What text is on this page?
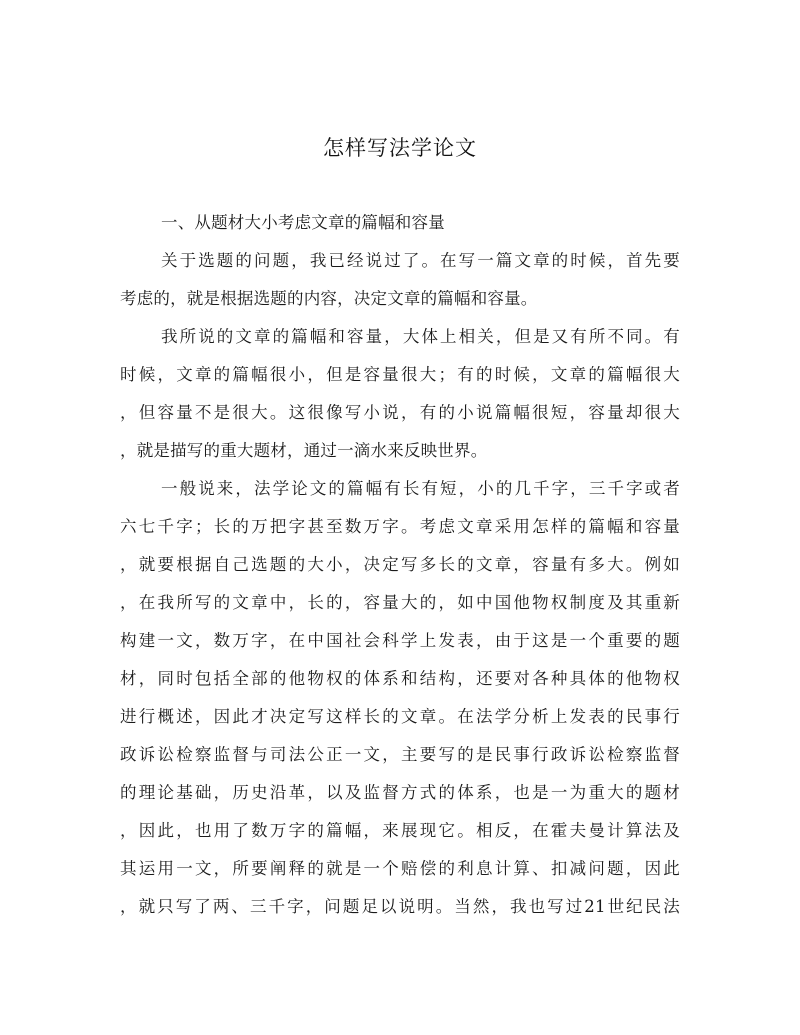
怎样写法学论文
一、从题材大小考虑文章的篇幅和容量
关于选题的问题，我已经说过了。在写一篇文章的时候，首先要
考虑的，就是根据选题的内容，决定文章的篇幅和容量。
我所说的文章的篇幅和容量，大体上相关，但是又有所不同。有
时候，文章的篇幅很小，但是容量很大；有的时候，文章的篇幅很大
，但容量不是很大。这很像写小说，有的小说篇幅很短，容量却很大
，就是描写的重大题材，通过一滴水来反映世界。
一般说来，法学论文的篇幅有长有短，小的几千字，三千字或者
六七千字；长的万把字甚至数万字。考虑文章采用怎样的篇幅和容量
，就要根据自己选题的大小，决定写多长的文章，容量有多大。例如
，在我所写的文章中，长的，容量大的，如中国他物权制度及其重新
构建一文，数万字，在中国社会科学上发表，由于这是一个重要的题
材，同时包括全部的他物权的体系和结构，还要对各种具体的他物权
进行概述，因此才决定写这样长的文章。在法学分析上发表的民事行
政诉讼检察监督与司法公正一文，主要写的是民事行政诉讼检察监督
的理论基础，历史沿革，以及监督方式的体系，也是一为重大的题材
，因此，也用了数万字的篇幅，来展现它。相反，在霍夫曼计算法及
其运用一文，所要阐释的就是一个赔偿的利息计算、扣减问题，因此
，就只写了两、三千字，问题足以说明。当然，我也写过21世纪民法
